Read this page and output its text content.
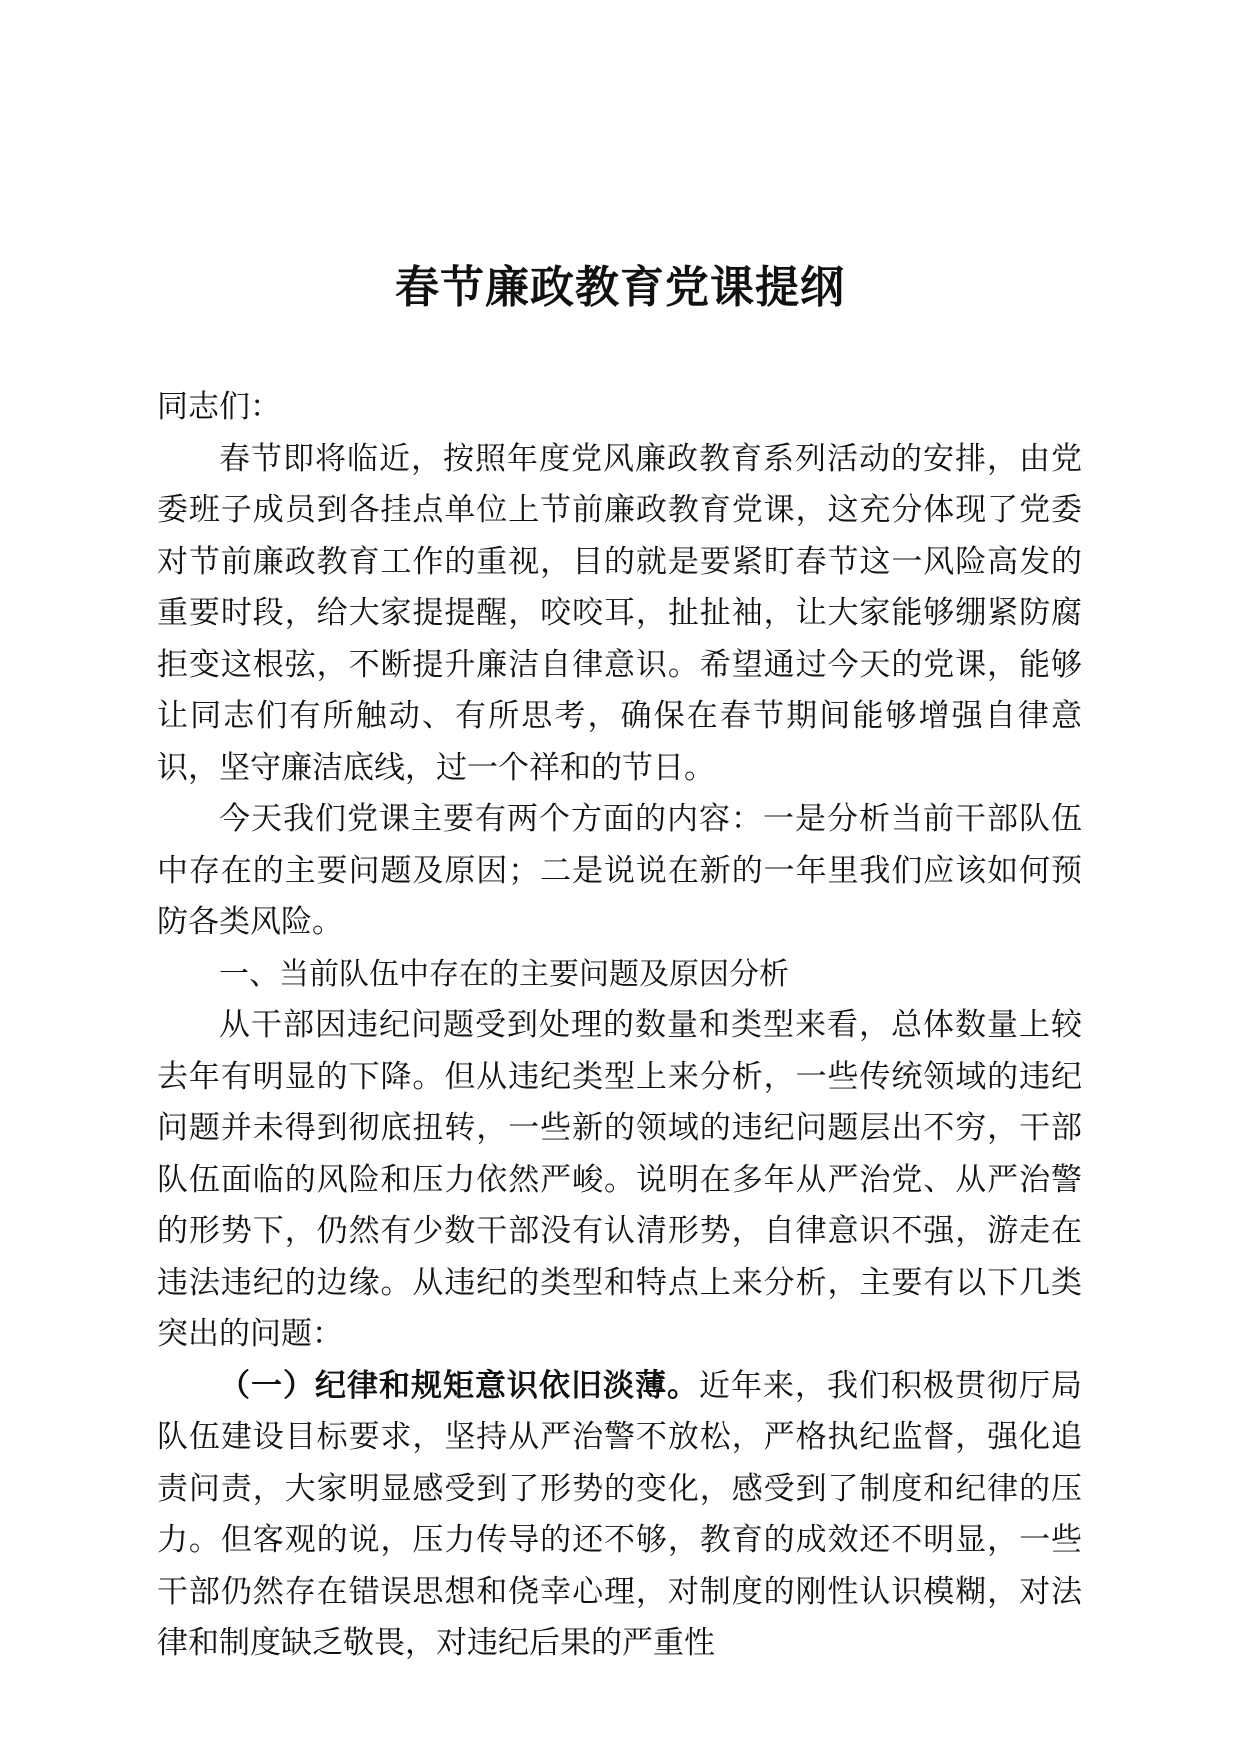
春节廉政教育党课提纲

同志们：

春节即将临近，按照年度党风廉政教育系列活动的安排，由党委班子成员到各挂点单位上节前廉政教育党课，这充分体现了党委对节前廉政教育工作的重视，目的就是要紧盯春节这一风险高发的重要时段，给大家提提醒，咬咬耳，扯扯袖，让大家能够绷紧防腐拒变这根弦，不断提升廉洁自律意识。希望通过今天的党课，能够让同志们有所触动、有所思考，确保在春节期间能够增强自律意识，坚守廉洁底线，过一个祥和的节日。

今天我们党课主要有两个方面的内容：一是分析当前干部队伍中存在的主要问题及原因；二是说说在新的一年里我们应该如何预防各类风险。

一、当前队伍中存在的主要问题及原因分析

从干部因违纪问题受到处理的数量和类型来看，总体数量上较去年有明显的下降。但从违纪类型上来分析，一些传统领域的违纪问题并未得到彻底扭转，一些新的领域的违纪问题层出不穷，干部队伍面临的风险和压力依然严峻。说明在多年从严治党、从严治警的形势下，仍然有少数干部没有认清形势，自律意识不强，游走在违法违纪的边缘。从违纪的类型和特点上来分析，主要有以下几类突出的问题：

（一）纪律和规矩意识依旧淡薄。近年来，我们积极贯彻厅局队伍建设目标要求，坚持从严治警不放松，严格执纪监督，强化追责问责，大家明显感受到了形势的变化，感受到了制度和纪律的压力。但客观的说，压力传导的还不够，教育的成效还不明显，一些干部仍然存在错误思想和侥幸心理，对制度的刚性认识模糊，对法律和制度缺乏敬畏，对违纪后果的严重性
